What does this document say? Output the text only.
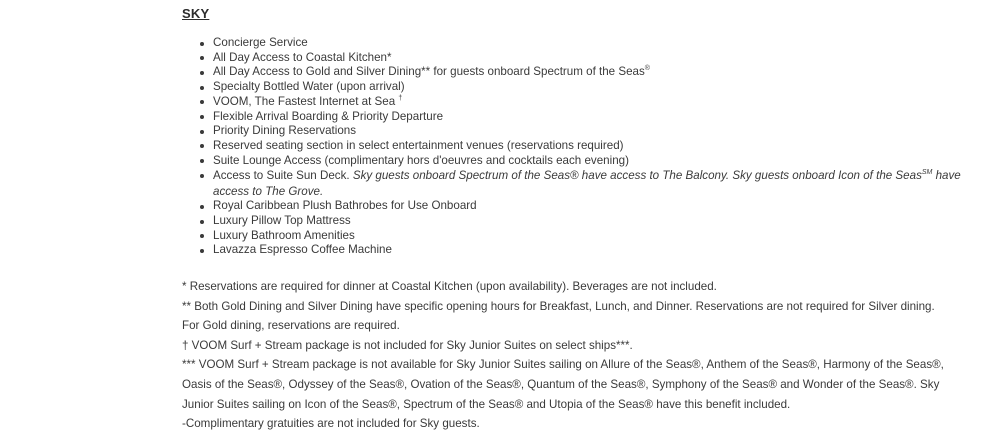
SKY
Concierge Service
All Day Access to Coastal Kitchen*
All Day Access to Gold and Silver Dining** for guests onboard Spectrum of the Seas®
Specialty Bottled Water (upon arrival)
VOOM, The Fastest Internet at Sea †
Flexible Arrival Boarding & Priority Departure
Priority Dining Reservations
Reserved seating section in select entertainment venues (reservations required)
Suite Lounge Access (complimentary hors d'oeuvres and cocktails each evening)
Access to Suite Sun Deck. Sky guests onboard Spectrum of the Seas® have access to The Balcony. Sky guests onboard Icon of the Seas℠ have access to The Grove.
Royal Caribbean Plush Bathrobes for Use Onboard
Luxury Pillow Top Mattress
Luxury Bathroom Amenities
Lavazza Espresso Coffee Machine

* Reservations are required for dinner at Coastal Kitchen (upon availability). Beverages are not included.

** Both Gold Dining and Silver Dining have specific opening hours for Breakfast, Lunch, and Dinner. Reservations are not required for Silver dining. For Gold dining, reservations are required.

† VOOM Surf + Stream package is not included for Sky Junior Suites on select ships***.

*** VOOM Surf + Stream package is not available for Sky Junior Suites sailing on Allure of the Seas®, Anthem of the Seas®, Harmony of the Seas®, Oasis of the Seas®, Odyssey of the Seas®, Ovation of the Seas®, Quantum of the Seas®, Symphony of the Seas® and Wonder of the Seas®. Sky Junior Suites sailing on Icon of the Seas®, Spectrum of the Seas® and Utopia of the Seas® have this benefit included.

-Complimentary gratuities are not included for Sky guests.
